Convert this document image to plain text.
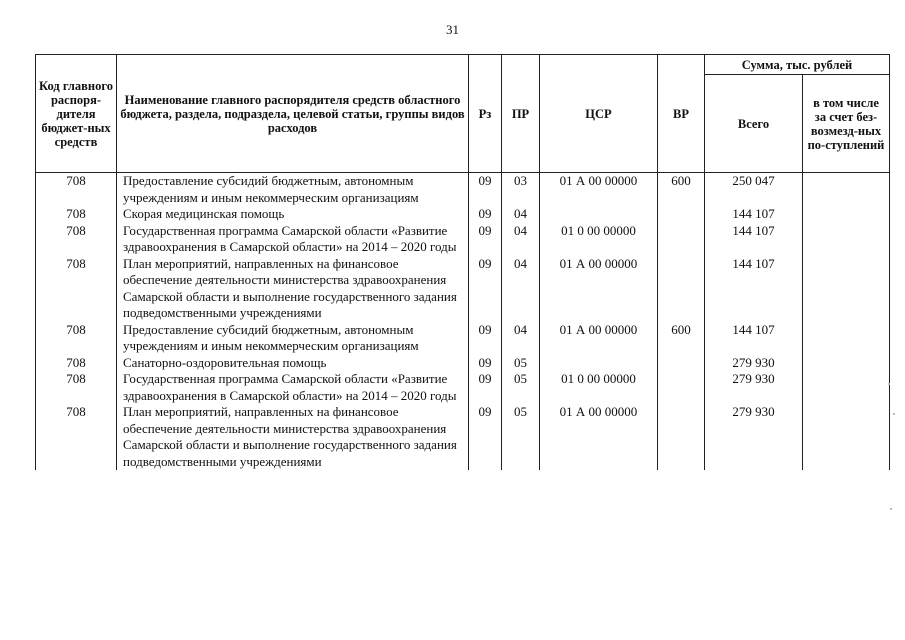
31
Код главного распоря-дителя бюджет-ных средств	Наименование главного распорядителя средств областного бюджета, раздела, подраздела, целевой статьи, группы видов расходов	Рз	ПР	ЦСР	ВР	Сумма, тыс. рублей	
						Всего	в том числе за счет без-возмезд-ных по-ступлений
708	Предоставление субсидий бюджетным, автономным учреждениям и иным некоммерческим организациям	09	03	01 А 00 00000	600	250 047	
708	Скорая медицинская помощь	09	04			144 107	
708	Государственная программа Самарской области «Развитие здравоохранения в Самарской области» на 2014 – 2020 годы	09	04	01 0 00 00000		144 107	
708	План мероприятий, направленных на финансовое обеспечение деятельности министерства здравоохранения Самарской области и выполнение государственного задания подведомственными учреждениями	09	04	01 А 00 00000		144 107	
708	Предоставление субсидий бюджетным, автономным учреждениям и иным некоммерческим организациям	09	04	01 А 00 00000	600	144 107	
708	Санаторно-оздоровительная помощь	09	05			279 930	
708	Государственная программа Самарской области «Развитие здравоохранения в Самарской области» на 2014 – 2020 годы	09	05	01 0 00 00000		279 930	
708	План мероприятий, направленных на финансовое обеспечение деятельности министерства здравоохранения Самарской области и выполнение государственного задания подведомственными учреждениями	09	05	01 А 00 00000		279 930	
